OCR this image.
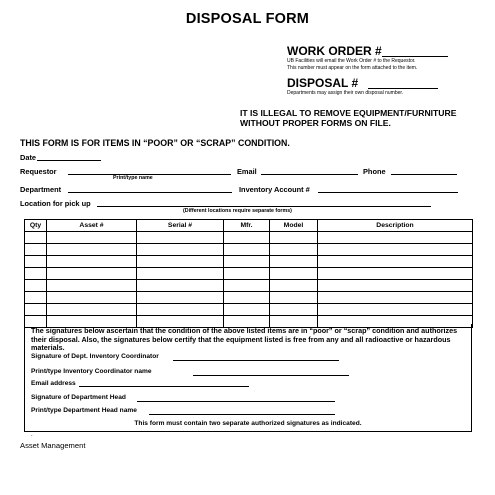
DISPOSAL FORM
WORK ORDER #
UB Facilities will email the Work Order # to the Requestor.
This number must appear on the form attached to the item.
DISPOSAL #
Departments may assign their own disposal number.
IT IS ILLEGAL TO REMOVE EQUIPMENT/FURNITURE
WITHOUT PROPER FORMS ON FILE.
THIS FORM IS FOR ITEMS IN “POOR” OR “SCRAP” CONDITION.
Date
Requestor
Print/type name
Email	Phone
Department	Inventory Account #
Location for pick up
(Different locations require separate forms)
Qty	Asset #	Serial #	Mfr.	Model	Description

The signatures below ascertain that the condition of the above listed items are in “poor” or “scrap” condition and authorizes their disposal. Also, the signatures below certify that the equipment listed is free from any and all radioactive or hazardous materials.
Signature of Dept. Inventory Coordinator
Print/type Inventory Coordinator name
Email address
Signature of Department Head
Print/type Department Head name
This form must contain two separate authorized signatures as indicated.
.
Asset Management
